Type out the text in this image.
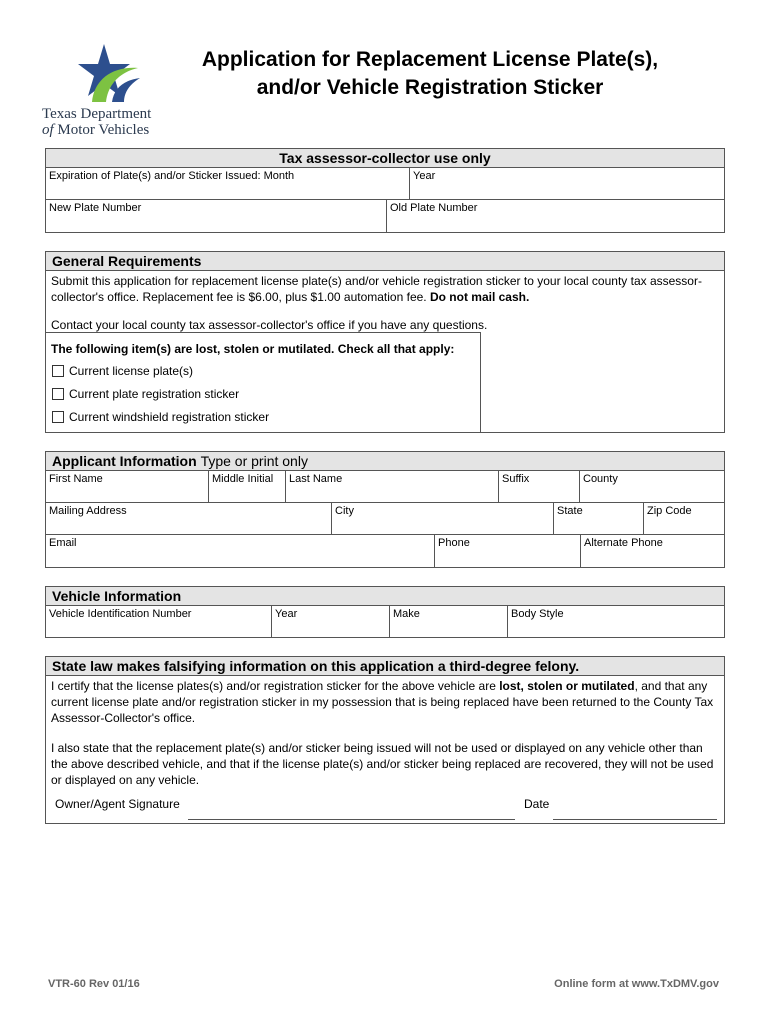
Texas Department
of Motor Vehicles
Application for Replacement License Plate(s),
and/or Vehicle Registration Sticker
Tax assessor-collector use only
Expiration of Plate(s) and/or Sticker Issued: Month	Year
New Plate Number	Old Plate Number
General Requirements
Submit this application for replacement license plate(s) and/or vehicle registration sticker to your local county tax assessor-collector's office. Replacement fee is $6.00, plus $1.00 automation fee. Do not mail cash.
Contact your local county tax assessor-collector's office if you have any questions.
The following item(s) are lost, stolen or mutilated. Check all that apply:
Current license plate(s)
Current plate registration sticker
Current windshield registration sticker
Applicant Information Type or print only
First Name	Middle Initial	Last Name	Suffix	County
Mailing Address	City	State	Zip Code
Email	Phone	Alternate Phone
Vehicle Information
Vehicle Identification Number	Year	Make	Body Style
State law makes falsifying information on this application a third-degree felony.
I certify that the license plates(s) and/or registration sticker for the above vehicle are lost, stolen or mutilated, and that any current license plate and/or registration sticker in my possession that is being replaced have been returned to the County Tax Assessor-Collector's office.
I also state that the replacement plate(s) and/or sticker being issued will not be used or displayed on any vehicle other than the above described vehicle, and that if the license plate(s) and/or sticker being replaced are recovered, they will not be used or displayed on any vehicle.
Owner/Agent Signature	Date
VTR-60 Rev 01/16	Online form at www.TxDMV.gov
